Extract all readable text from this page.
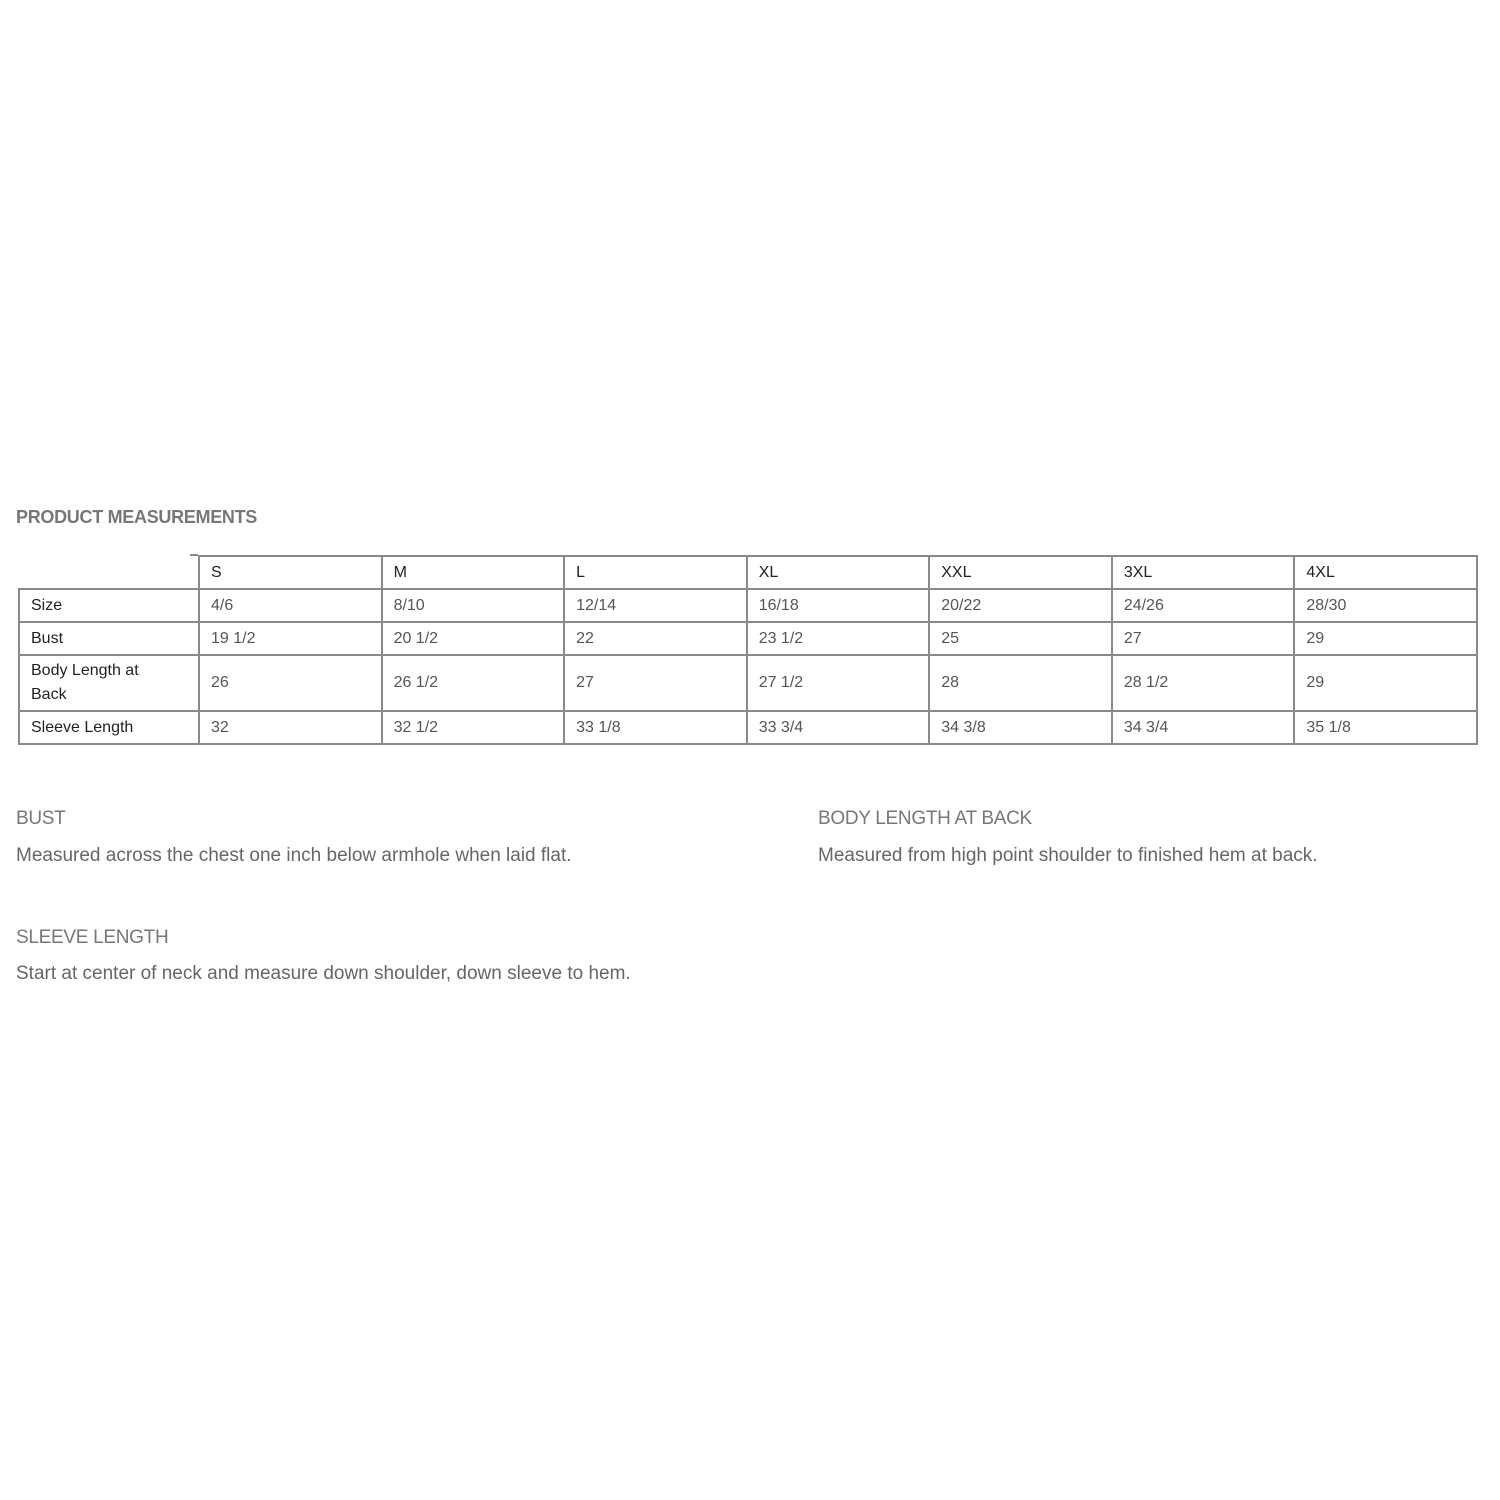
PRODUCT MEASUREMENTS
	S	M	L	XL	XXL	3XL	4XL
Size	4/6	8/10	12/14	16/18	20/22	24/26	28/30
Bust	19 1/2	20 1/2	22	23 1/2	25	27	29
Body Length at Back	26	26 1/2	27	27 1/2	28	28 1/2	29
Sleeve Length	32	32 1/2	33 1/8	33 3/4	34 3/8	34 3/4	35 1/8
BUST
Measured across the chest one inch below armhole when laid flat.
BODY LENGTH AT BACK
Measured from high point shoulder to finished hem at back.
SLEEVE LENGTH
Start at center of neck and measure down shoulder, down sleeve to hem.
